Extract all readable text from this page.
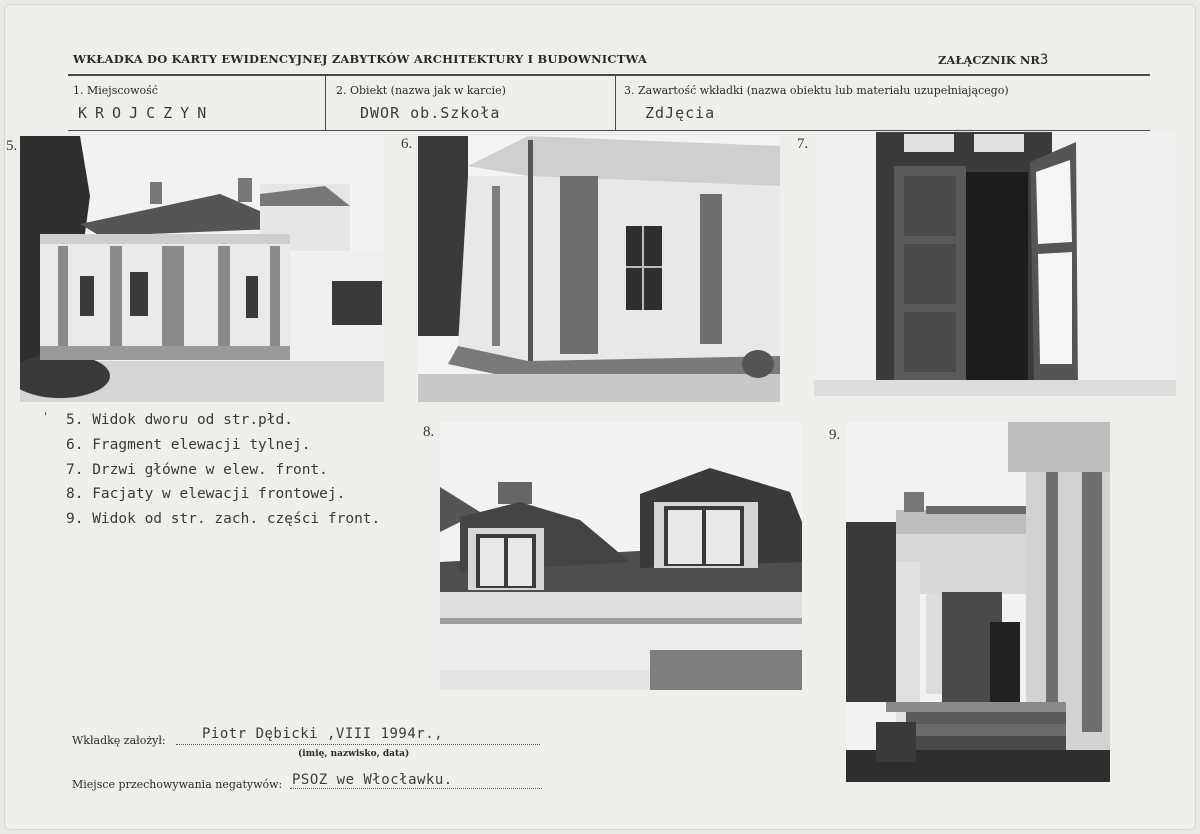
WKŁADKA DO KARTY EWIDENCYJNEJ ZABYTKÓW ARCHITEKTURY I BUDOWNICTWA	ZAŁĄCZNIK NR3
1. Miejscowość	2. Obiekt (nazwa jak w karcie)	3. Zawartość wkładki (nazwa obiektu lub materiału uzupełniającego)
KROJCZYN	DWOR ob.Szkoła	ZdJęcia
5.	6.	7.
8.	9.
' 5. Widok dworu od str.płd.
6. Fragment elewacji tylnej.
7. Drzwi główne w elew. front.
8. Facjaty w elewacji frontowej.
9. Widok od str. zach. części front.
Wkładkę założył:	Piotr Dębicki ,VIII 1994r.,
(imię, nazwisko, data)
Miejsce przechowywania negatywów: PSOZ we Włocławku.
